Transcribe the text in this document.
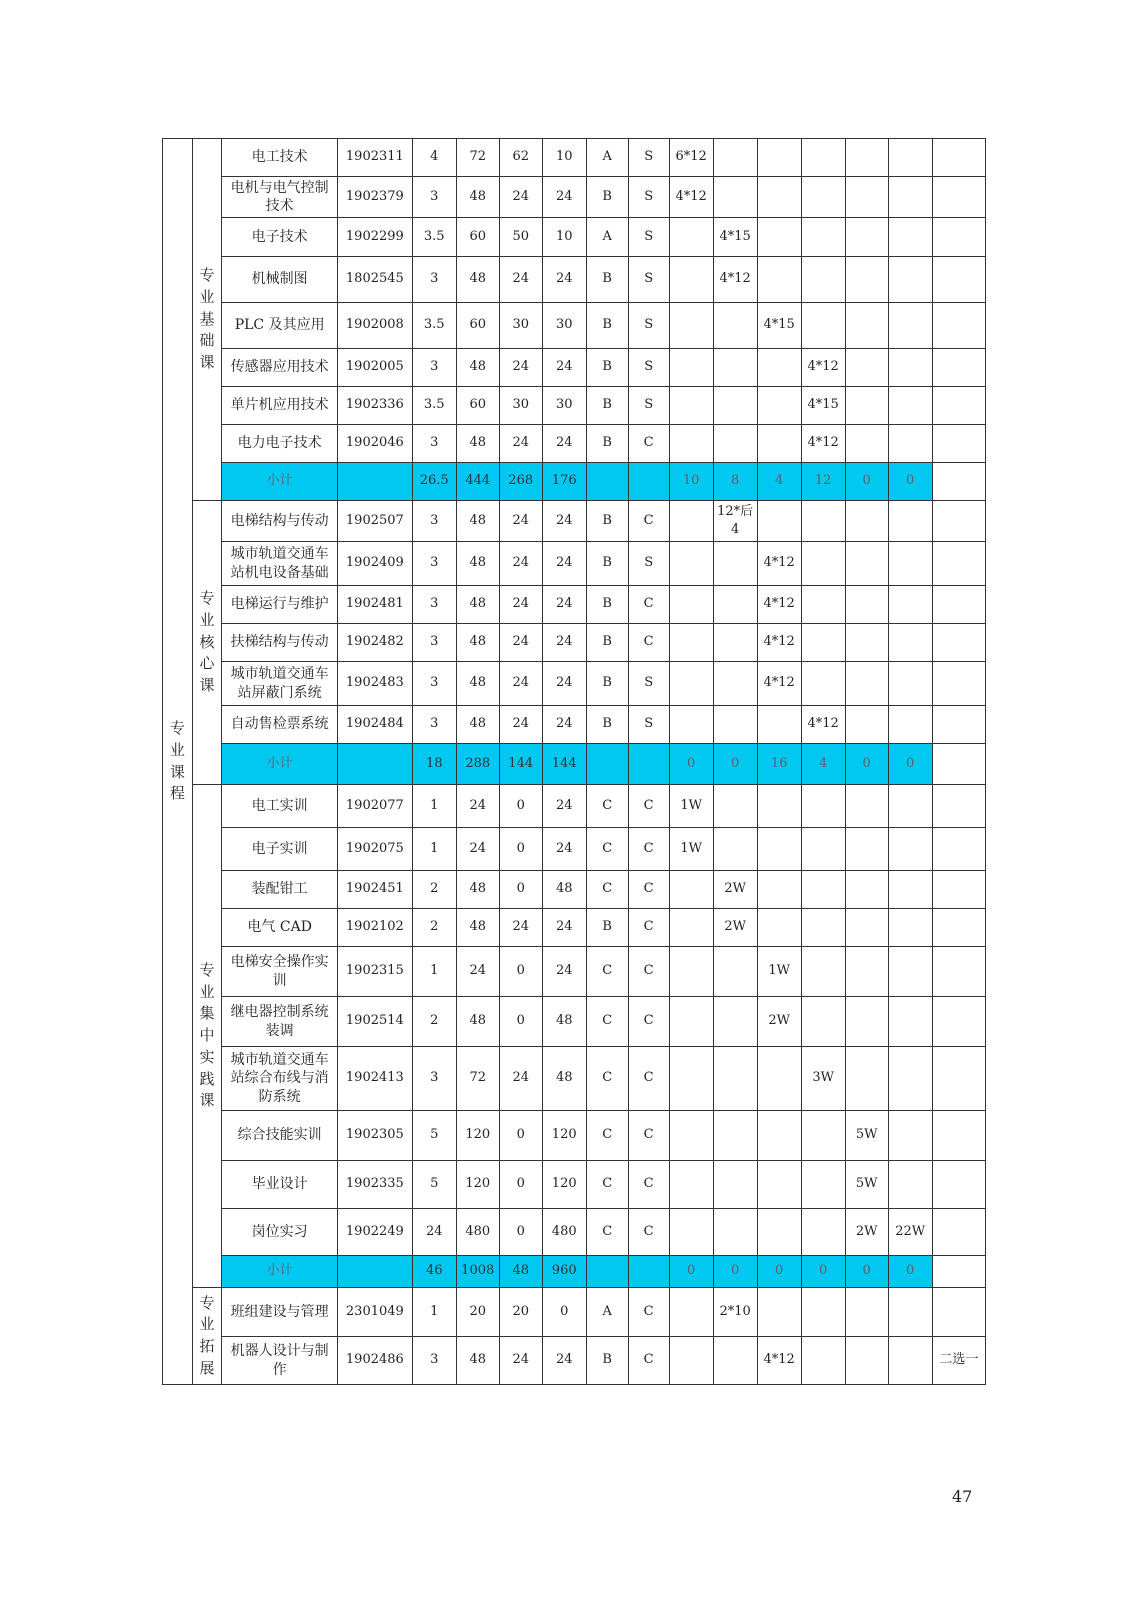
专业课程	专业基础课	电工技术	1902311	4	72	62	10	A	S	6*12						
		电机与电气控制技术	1902379	3	48	24	24	B	S	4*12						
		电子技术	1902299	3.5	60	50	10	A	S		4*15					
		机械制图	1802545	3	48	24	24	B	S		4*12					
		PLC 及其应用	1902008	3.5	60	30	30	B	S			4*15				
		传感器应用技术	1902005	3	48	24	24	B	S				4*12			
		单片机应用技术	1902336	3.5	60	30	30	B	S				4*15			
		电力电子技术	1902046	3	48	24	24	B	C				4*12			
		小计		26.5	444	268	176			10	8	4	12	0	0	
	专业核心课	电梯结构与传动	1902507	3	48	24	24	B	C		12*后4					
		城市轨道交通车站机电设备基础	1902409	3	48	24	24	B	S			4*12				
		电梯运行与维护	1902481	3	48	24	24	B	C			4*12				
		扶梯结构与传动	1902482	3	48	24	24	B	C			4*12				
		城市轨道交通车站屏蔽门系统	1902483	3	48	24	24	B	S			4*12				
		自动售检票系统	1902484	3	48	24	24	B	S				4*12			
		小计		18	288	144	144			0	0	16	4	0	0	
	专业集中实践课	电工实训	1902077	1	24	0	24	C	C	1W						
		电子实训	1902075	1	24	0	24	C	C	1W						
		装配钳工	1902451	2	48	0	48	C	C		2W					
		电气 CAD	1902102	2	48	24	24	B	C		2W					
		电梯安全操作实训	1902315	1	24	0	24	C	C			1W				
		继电器控制系统装调	1902514	2	48	0	48	C	C			2W				
		城市轨道交通车站综合布线与消防系统	1902413	3	72	24	48	C	C				3W			
		综合技能实训	1902305	5	120	0	120	C	C					5W		
		毕业设计	1902335	5	120	0	120	C	C					5W		
		岗位实习	1902249	24	480	0	480	C	C					2W	22W	
		小计		46	1008	48	960			0	0	0	0	0	0	
	专业拓展	班组建设与管理	2301049	1	20	20	0	A	C		2*10					
		机器人设计与制作	1902486	3	48	24	24	B	C			4*12				二选一
47
